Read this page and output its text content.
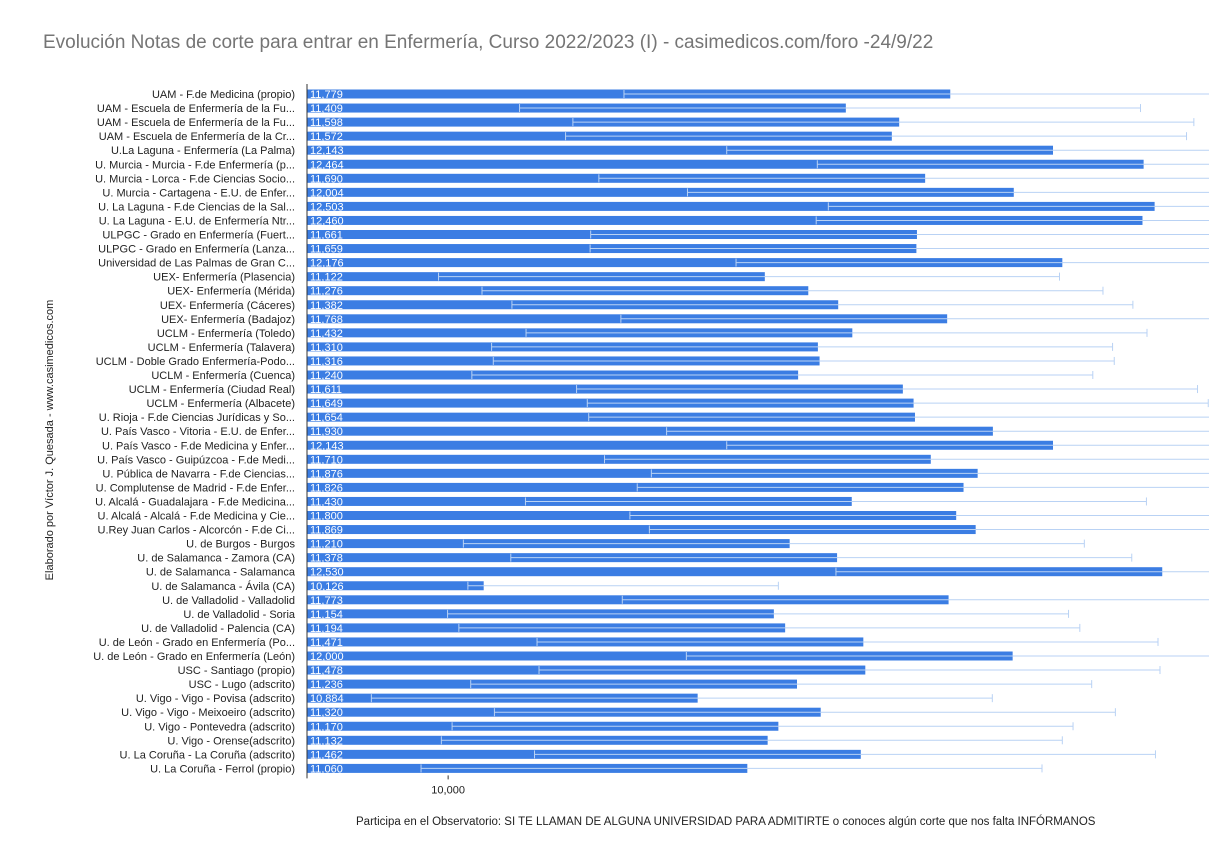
Evolución Notas de corte para entrar en Enfermería, Curso 2022/2023 (I) - casimedicos.com/foro -24/9/22
Elaborado por Víctor J. Quesada - www.casimedicos.com
UAM - F.de Medicina (propio) 11,779
UAM - Escuela de Enfermería de la Fu... 11,409
UAM - Escuela de Enfermería de la Fu... 11,598
UAM - Escuela de Enfermería de la Cr... 11,572
U.La Laguna - Enfermería (La Palma) 12,143
U. Murcia - Murcia - F.de Enfermería (p... 12,464
U. Murcia - Lorca - F.de Ciencias Socio... 11,690
U. Murcia - Cartagena - E.U. de Enfer... 12,004
U. La Laguna - F.de Ciencias de la Sal... 12,503
U. La Laguna - E.U. de Enfermería Ntr... 12,460
ULPGC - Grado en Enfermería (Fuert... 11,661
ULPGC - Grado en Enfermería (Lanza... 11,659
Universidad de Las Palmas de Gran C... 12,176
UEX- Enfermería (Plasencia) 11,122
UEX- Enfermería (Mérida) 11,276
UEX- Enfermería (Cáceres) 11,382
UEX- Enfermería (Badajoz) 11,768
UCLM - Enfermería (Toledo) 11,432
UCLM - Enfermería (Talavera) 11,310
UCLM - Doble Grado Enfermería-Podo... 11,316
UCLM - Enfermería (Cuenca) 11,240
UCLM - Enfermería (Ciudad Real) 11,611
UCLM - Enfermería (Albacete) 11,649
U. Rioja - F.de Ciencias Jurídicas y So... 11,654
U. País Vasco - Vitoria - E.U. de Enfer... 11,930
U. País Vasco - F.de Medicina y Enfer... 12,143
U. País Vasco - Guipúzcoa - F.de Medi... 11,710
U. Pública de Navarra - F.de Ciencias... 11,876
U. Complutense de Madrid - F.de Enfer... 11,826
U. Alcalá - Guadalajara - F.de Medicina... 11,430
U. Alcalá - Alcalá - F.de Medicina y Cie... 11,800
U.Rey Juan Carlos - Alcorcón - F.de Ci... 11,869
U. de Burgos - Burgos 11,210
U. de Salamanca - Zamora (CA) 11,378
U. de Salamanca - Salamanca 12,530
U. de Salamanca - Ávila (CA) 10,126
U. de Valladolid - Valladolid 11,773
U. de Valladolid - Soria 11,154
U. de Valladolid - Palencia (CA) 11,194
U. de León - Grado en Enfermería (Po... 11,471
U. de León - Grado en Enfermería (León) 12,000
USC - Santiago (propio) 11,478
USC - Lugo (adscrito) 11,236
U. Vigo - Vigo - Povisa (adscrito) 10,884
U. Vigo - Vigo - Meixoeiro (adscrito) 11,320
U. Vigo - Pontevedra (adscrito) 11,170
U. Vigo - Orense(adscrito) 11,132
U. La Coruña - La Coruña (adscrito) 11,462
U. La Coruña - Ferrol (propio) 11,060
10,000
Participa en el Observatorio: SI TE LLAMAN DE ALGUNA UNIVERSIDAD PARA ADMITIRTE o conoces algún corte que nos falta INFÓRMANOS
